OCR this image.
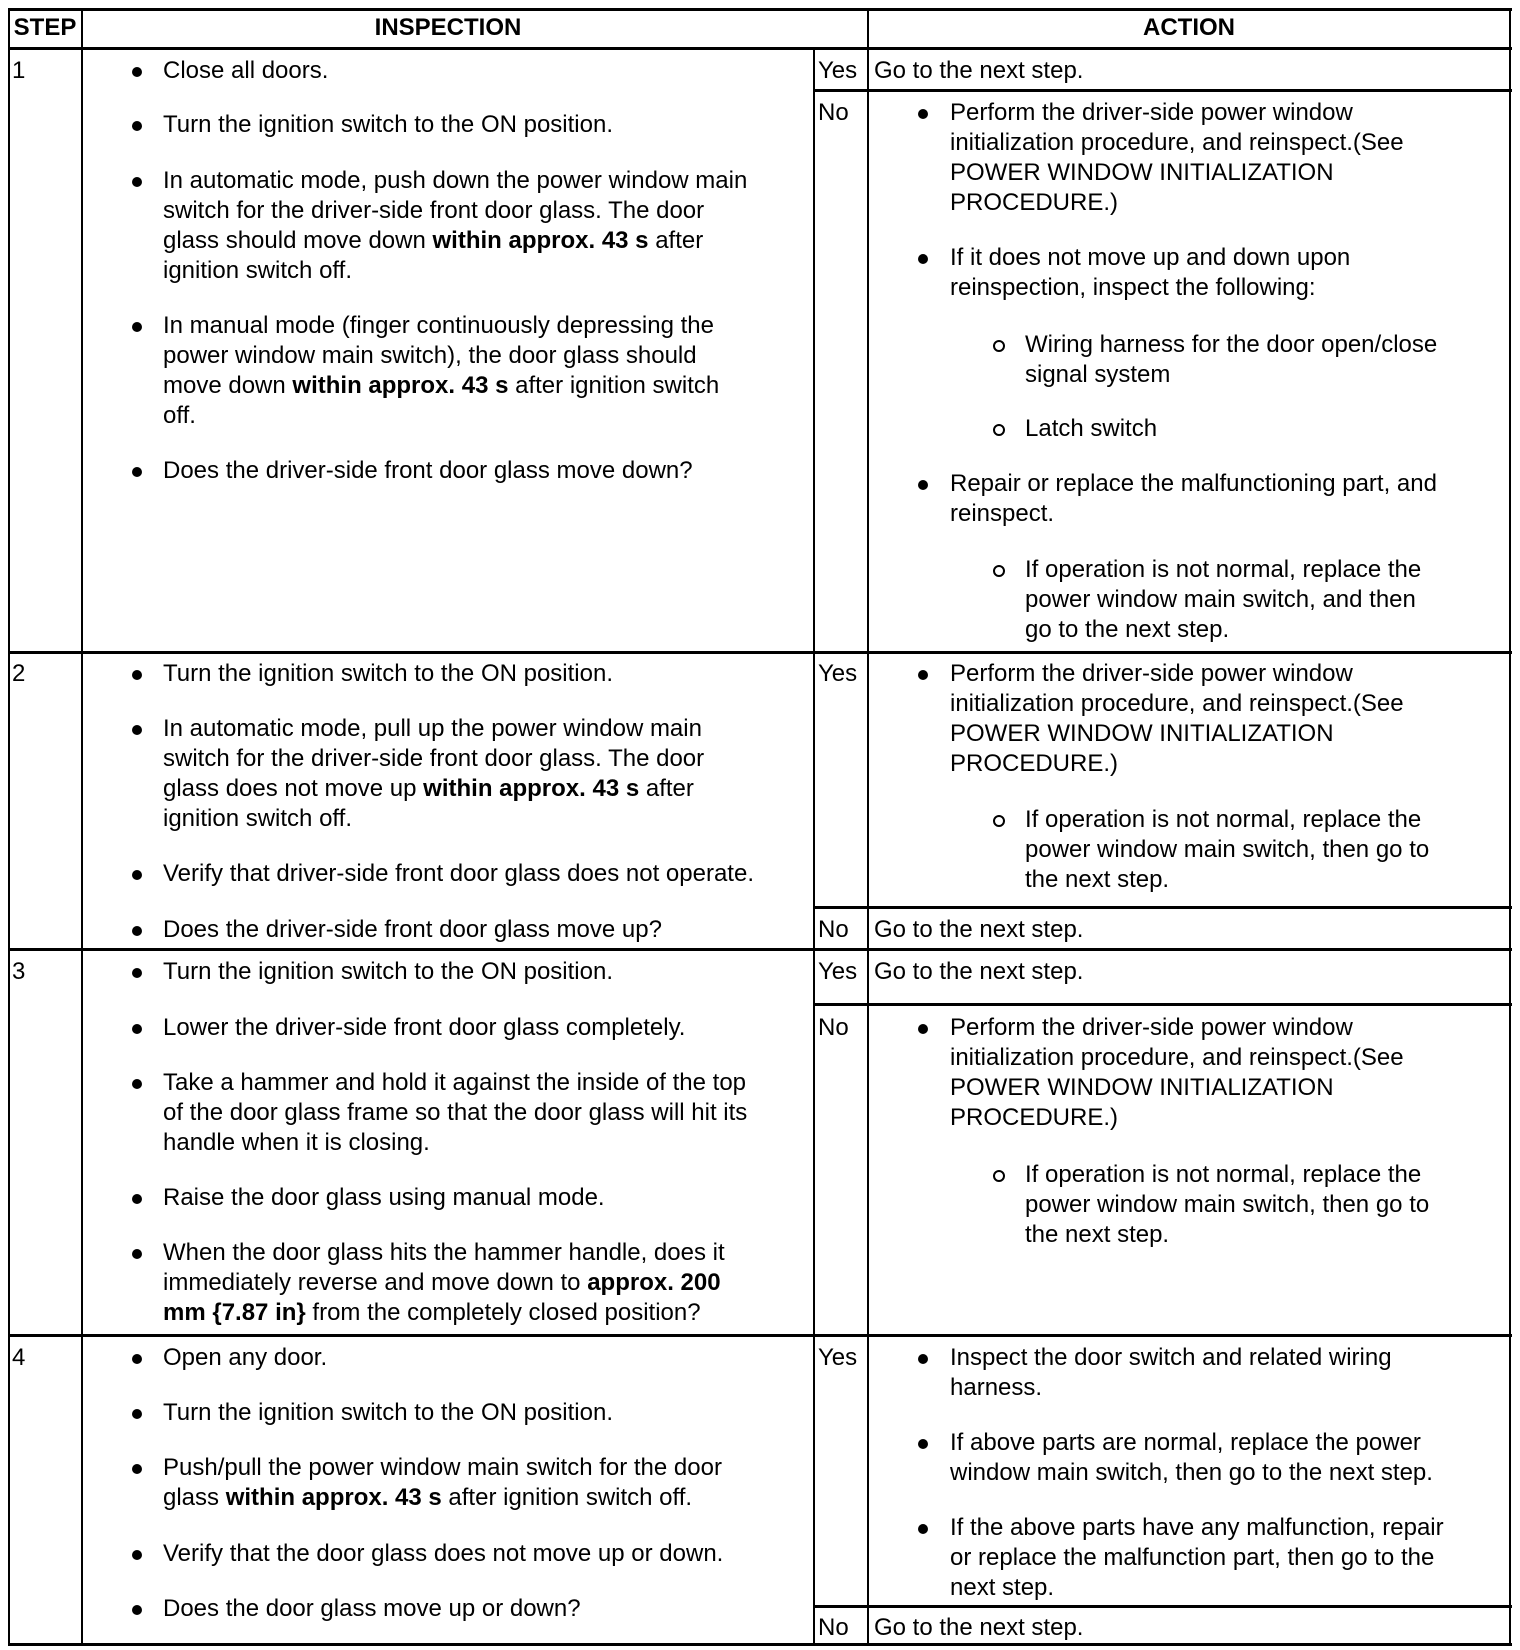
STEP	INSPECTION	ACTION
1	Close all doors.
Turn the ignition switch to the ON position.
In automatic mode, push down the power window main
switch for the driver-side front door glass. The door
glass should move down within approx. 43 s after
ignition switch off.
In manual mode (finger continuously depressing the
power window main switch), the door glass should
move down within approx. 43 s after ignition switch
off.
Does the driver-side front door glass move down?
Yes Go to the next step.
No	Perform the driver-side power window
initialization procedure, and reinspect.(See
POWER WINDOW INITIALIZATION
PROCEDURE.)
If it does not move up and down upon
reinspection, inspect the following:
Wiring harness for the door open/close
signal system
Latch switch
Repair or replace the malfunctioning part, and
reinspect.
If operation is not normal, replace the
power window main switch, and then
go to the next step.
2	Turn the ignition switch to the ON position.
In automatic mode, pull up the power window main
switch for the driver-side front door glass. The door
glass does not move up within approx. 43 s after
ignition switch off.
Verify that driver-side front door glass does not operate.
Does the driver-side front door glass move up?
Yes	Perform the driver-side power window
initialization procedure, and reinspect.(See
POWER WINDOW INITIALIZATION
PROCEDURE.)
If operation is not normal, replace the
power window main switch, then go to
the next step.
No Go to the next step.
3	Turn the ignition switch to the ON position.
Lower the driver-side front door glass completely.
Take a hammer and hold it against the inside of the top
of the door glass frame so that the door glass will hit its
handle when it is closing.
Raise the door glass using manual mode.
When the door glass hits the hammer handle, does it
immediately reverse and move down to approx. 200
mm {7.87 in} from the completely closed position?
Yes Go to the next step.
No	Perform the driver-side power window
initialization procedure, and reinspect.(See
POWER WINDOW INITIALIZATION
PROCEDURE.)
If operation is not normal, replace the
power window main switch, then go to
the next step.
4	Open any door.
Turn the ignition switch to the ON position.
Push/pull the power window main switch for the door
glass within approx. 43 s after ignition switch off.
Verify that the door glass does not move up or down.
Does the door glass move up or down?
Yes	Inspect the door switch and related wiring
harness.
If above parts are normal, replace the power
window main switch, then go to the next step.
If the above parts have any malfunction, repair
or replace the malfunction part, then go to the
next step.
No Go to the next step.
